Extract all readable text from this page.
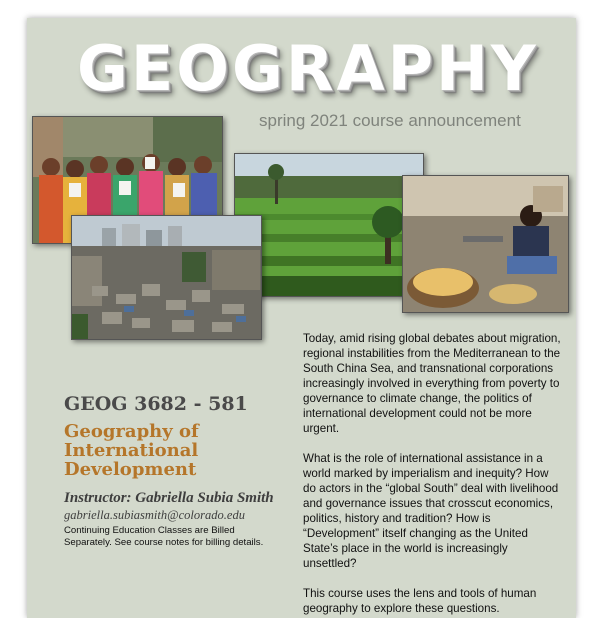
GEOGRAPHY
spring 2021 course announcement
GEOG 3682 - 581
Geography of
International
Development
Instructor: Gabriella Subia Smith
gabriella.subiasmith@colorado.edu
Continuing Education Classes are Billed Separately. See course notes for billing details.

Today, amid rising global debates about migration, regional instabilities from the Mediterranean to the South China Sea, and transnational corporations increasingly involved in everything from poverty to governance to climate change, the politics of international development could not be more urgent.

What is the role of international assistance in a world marked by imperialism and inequity? How do actors in the “global South” deal with livelihood and governance issues that crosscut economics, politics, history and tradition? How is “Development” itself changing as the United State’s place in the world is increasingly unsettled?

This course uses the lens and tools of human geography to explore these questions.
